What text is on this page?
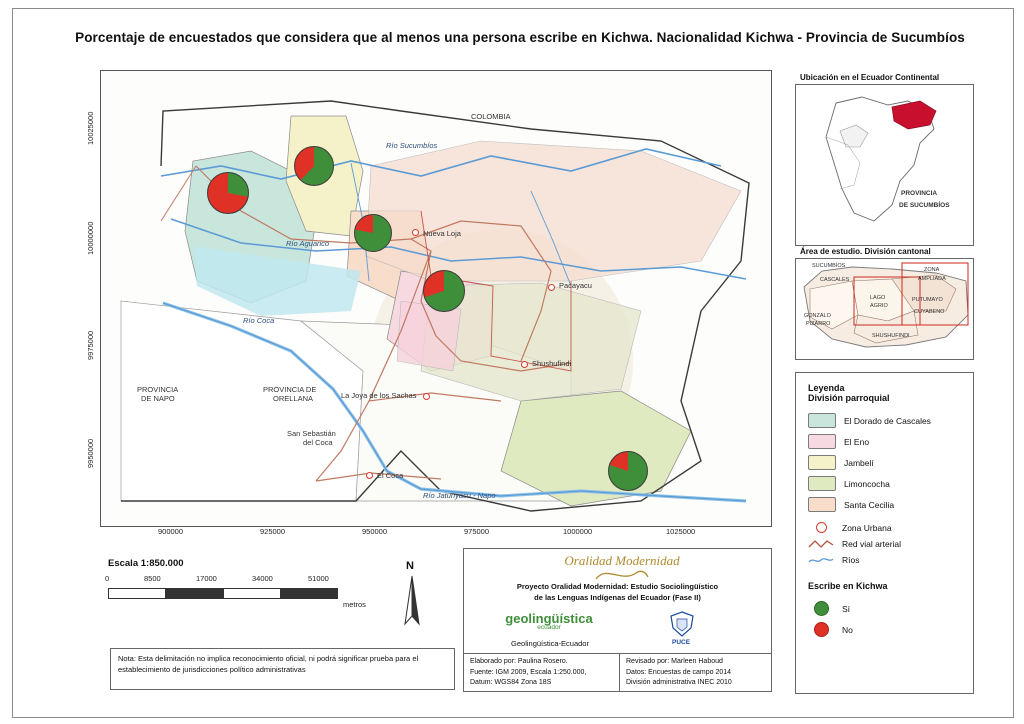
Porcentaje de encuestados que considera que al menos una persona escribe en Kichwa. Nacionalidad Kichwa - Provincia de Sucumbíos
COLOMBIA
Río Sucumbíos
Río Aguarico
Río Coca
Río Jatunyacu - Napo
Nueva Loja
Pacayacu
Shushufindi
La Joya de los Sachas
San Sebastián
del Coca
El Coca
PROVINCIA
DE NAPO
PROVINCIA DE
ORELLANA
10025000
10000000
9975000
9950000
900000	925000	950000	975000	1000000	1025000
Ubicación en el Ecuador Continental
PROVINCIA
DE SUCUMBÍOS
Área de estudio. División cantonal
SUCUMBÍOS
CASCALES
ZONA
AMPLIADA
LAGO
AGRIO
PUTUMAYO
CUYABENO
GONZALO
PIZARRO
SHUSHUFINDI
Leyenda
División parroquial
El Dorado de Cascales
El Eno
Jambelí
Limoncocha
Santa Cecilia
Zona Urbana
Red vial arterial
Ríos
Escribe en Kichwa
Sí
No
Escala 1:850.000
0	8500	17000	34000	51000
metros
N
Nota: Esta delimitación no implica reconocimiento oficial, ni podrá significar prueba para el establecimiento de jurisdicciones político administrativas
Oralidad Modernidad
Proyecto Oralidad Modernidad: Estudio Sociolingüístico
de las Lenguas Indígenas del Ecuador (Fase II)
geolingüística
ecuador
Geolingüística-Ecuador	PUCE
Elaborado por: Paulina Rosero.
Fuente: IGM 2009, Escala 1:250.000,
Datum: WGS84 Zona 18S
Revisado por: Marleen Haboud
Datos: Encuestas de campo 2014
División administrativa INEC 2010
